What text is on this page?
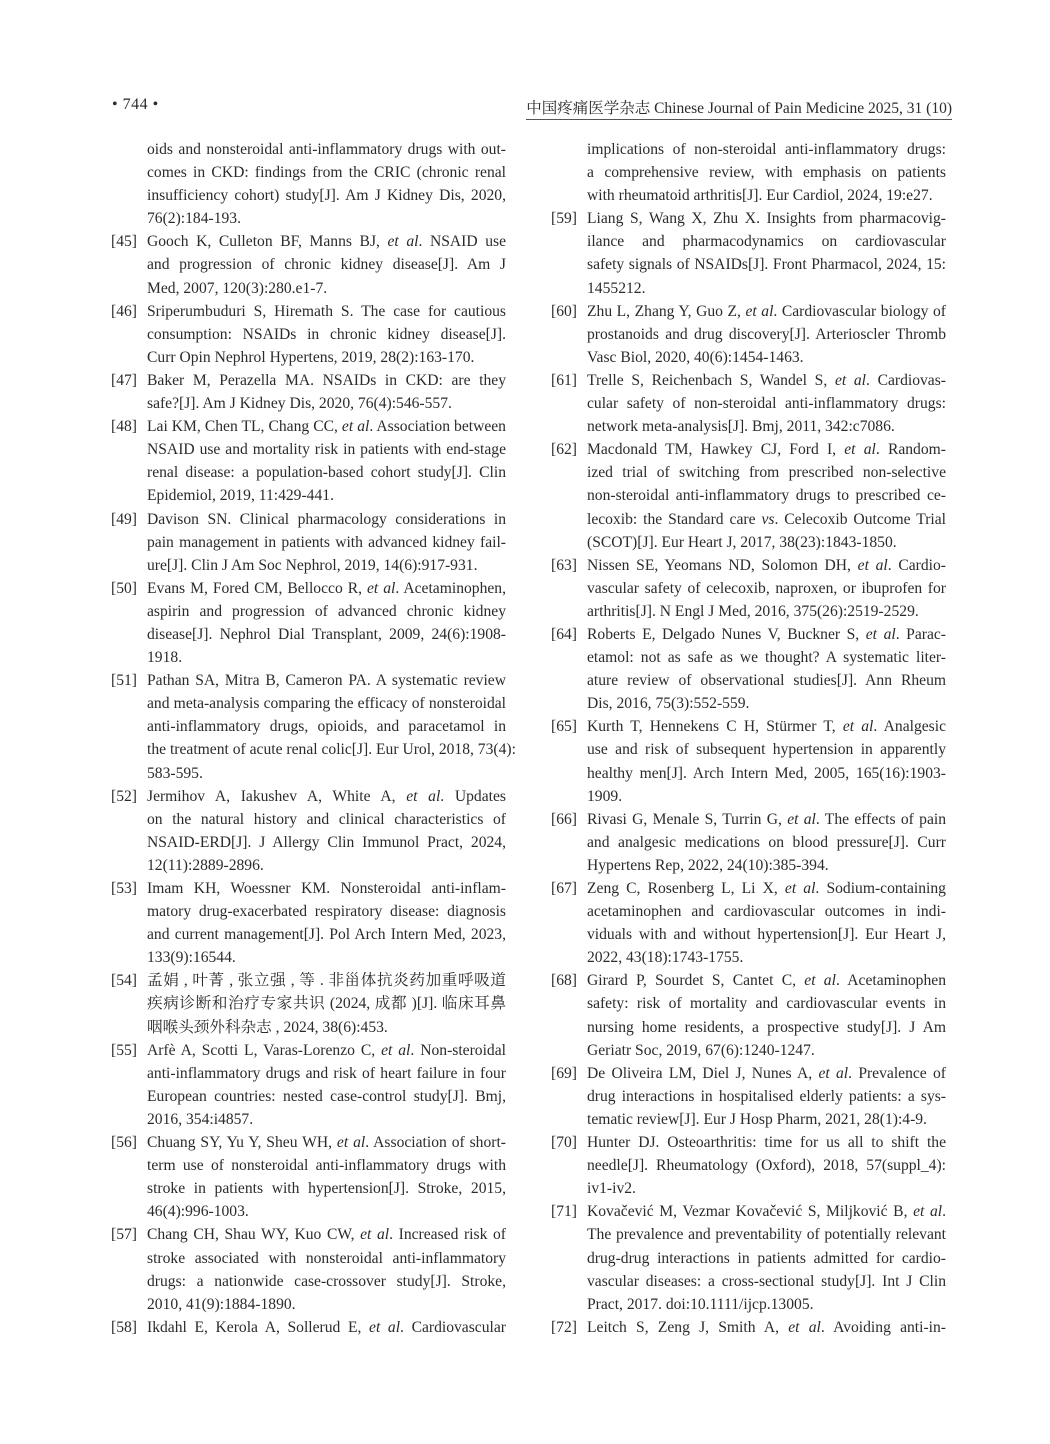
• 744 •	中国疼痛医学杂志 Chinese Journal of Pain Medicine 2025, 31 (10)
oids and nonsteroidal anti-inflammatory drugs with out-
comes in CKD: findings from the CRIC (chronic renal
insufficiency cohort) study[J]. Am J Kidney Dis, 2020,
76(2):184-193.
[45] Gooch K, Culleton BF, Manns BJ, et al. NSAID use
and progression of chronic kidney disease[J]. Am J
Med, 2007, 120(3):280.e1-7.
[46] Sriperumbuduri S, Hiremath S. The case for cautious
consumption: NSAIDs in chronic kidney disease[J].
Curr Opin Nephrol Hypertens, 2019, 28(2):163-170.
[47] Baker M, Perazella MA. NSAIDs in CKD: are they
safe?[J]. Am J Kidney Dis, 2020, 76(4):546-557.
[48] Lai KM, Chen TL, Chang CC, et al. Association between
NSAID use and mortality risk in patients with end-stage
renal disease: a population-based cohort study[J]. Clin
Epidemiol, 2019, 11:429-441.
[49] Davison SN. Clinical pharmacology considerations in
pain management in patients with advanced kidney fail-
ure[J]. Clin J Am Soc Nephrol, 2019, 14(6):917-931.
[50] Evans M, Fored CM, Bellocco R, et al. Acetaminophen,
aspirin and progression of advanced chronic kidney
disease[J]. Nephrol Dial Transplant, 2009, 24(6):1908-
1918.
[51] Pathan SA, Mitra B, Cameron PA. A systematic review
and meta-analysis comparing the efficacy of nonsteroidal
anti-inflammatory drugs, opioids, and paracetamol in
the treatment of acute renal colic[J]. Eur Urol, 2018, 73(4):
583-595.
[52] Jermihov A, Iakushev A, White A, et al. Updates
on the natural history and clinical characteristics of
NSAID-ERD[J]. J Allergy Clin Immunol Pract, 2024,
12(11):2889-2896.
[53] Imam KH, Woessner KM. Nonsteroidal anti-inflam-
matory drug-exacerbated respiratory disease: diagnosis
and current management[J]. Pol Arch Intern Med, 2023,
133(9):16544.
[54] 孟娟 , 叶菁 , 张立强 , 等 . 非甾体抗炎药加重呼吸道
疾病诊断和治疗专家共识 (2024, 成都 )[J]. 临床耳鼻
咽喉头颈外科杂志 , 2024, 38(6):453.
[55] Arfè A, Scotti L, Varas-Lorenzo C, et al. Non-steroidal
anti-inflammatory drugs and risk of heart failure in four
European countries: nested case-control study[J]. Bmj,
2016, 354:i4857.
[56] Chuang SY, Yu Y, Sheu WH, et al. Association of short-
term use of nonsteroidal anti-inflammatory drugs with
stroke in patients with hypertension[J]. Stroke, 2015,
46(4):996-1003.
[57] Chang CH, Shau WY, Kuo CW, et al. Increased risk of
stroke associated with nonsteroidal anti-inflammatory
drugs: a nationwide case-crossover study[J]. Stroke,
2010, 41(9):1884-1890.
[58] Ikdahl E, Kerola A, Sollerud E, et al. Cardiovascular
implications of non-steroidal anti-inflammatory drugs:
a comprehensive review, with emphasis on patients
with rheumatoid arthritis[J]. Eur Cardiol, 2024, 19:e27.
[59] Liang S, Wang X, Zhu X. Insights from pharmacovig-
ilance and pharmacodynamics on cardiovascular
safety signals of NSAIDs[J]. Front Pharmacol, 2024, 15:
1455212.
[60] Zhu L, Zhang Y, Guo Z, et al. Cardiovascular biology of
prostanoids and drug discovery[J]. Arterioscler Thromb
Vasc Biol, 2020, 40(6):1454-1463.
[61] Trelle S, Reichenbach S, Wandel S, et al. Cardiovas-
cular safety of non-steroidal anti-inflammatory drugs:
network meta-analysis[J]. Bmj, 2011, 342:c7086.
[62] Macdonald TM, Hawkey CJ, Ford I, et al. Random-
ized trial of switching from prescribed non-selective
non-steroidal anti-inflammatory drugs to prescribed ce-
lecoxib: the Standard care vs. Celecoxib Outcome Trial
(SCOT)[J]. Eur Heart J, 2017, 38(23):1843-1850.
[63] Nissen SE, Yeomans ND, Solomon DH, et al. Cardio-
vascular safety of celecoxib, naproxen, or ibuprofen for
arthritis[J]. N Engl J Med, 2016, 375(26):2519-2529.
[64] Roberts E, Delgado Nunes V, Buckner S, et al. Parac-
etamol: not as safe as we thought? A systematic liter-
ature review of observational studies[J]. Ann Rheum
Dis, 2016, 75(3):552-559.
[65] Kurth T, Hennekens C H, Stürmer T, et al. Analgesic
use and risk of subsequent hypertension in apparently
healthy men[J]. Arch Intern Med, 2005, 165(16):1903-
1909.
[66] Rivasi G, Menale S, Turrin G, et al. The effects of pain
and analgesic medications on blood pressure[J]. Curr
Hypertens Rep, 2022, 24(10):385-394.
[67] Zeng C, Rosenberg L, Li X, et al. Sodium-containing
acetaminophen and cardiovascular outcomes in indi-
viduals with and without hypertension[J]. Eur Heart J,
2022, 43(18):1743-1755.
[68] Girard P, Sourdet S, Cantet C, et al. Acetaminophen
safety: risk of mortality and cardiovascular events in
nursing home residents, a prospective study[J]. J Am
Geriatr Soc, 2019, 67(6):1240-1247.
[69] De Oliveira LM, Diel J, Nunes A, et al. Prevalence of
drug interactions in hospitalised elderly patients: a sys-
tematic review[J]. Eur J Hosp Pharm, 2021, 28(1):4-9.
[70] Hunter DJ. Osteoarthritis: time for us all to shift the
needle[J]. Rheumatology (Oxford), 2018, 57(suppl_4):
iv1-iv2.
[71] Kovačević M, Vezmar Kovačević S, Miljković B, et al.
The prevalence and preventability of potentially relevant
drug-drug interactions in patients admitted for cardio-
vascular diseases: a cross-sectional study[J]. Int J Clin
Pract, 2017. doi:10.1111/ijcp.13005.
[72] Leitch S, Zeng J, Smith A, et al. Avoiding anti-in-
